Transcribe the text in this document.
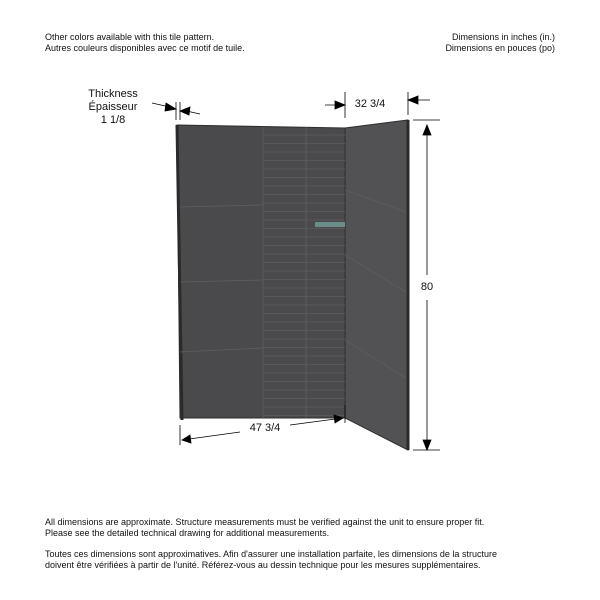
Other colors available with this tile pattern.
Autres couleurs disponibles avec ce motif de tuile.
Dimensions in inches (in.)
Dimensions en pouces (po)
Thickness
Épaisseur
1 1/8
32 3/4
80
47 3/4
All dimensions are approximate. Structure measurements must be verified against the unit to ensure proper fit.
Please see the detailed technical drawing for additional measurements.
Toutes ces dimensions sont approximatives. Afin d'assurer une installation parfaite, les dimensions de la structure
doivent être vérifiées à partir de l'unité. Référez-vous au dessin technique pour les mesures supplémentaires.
